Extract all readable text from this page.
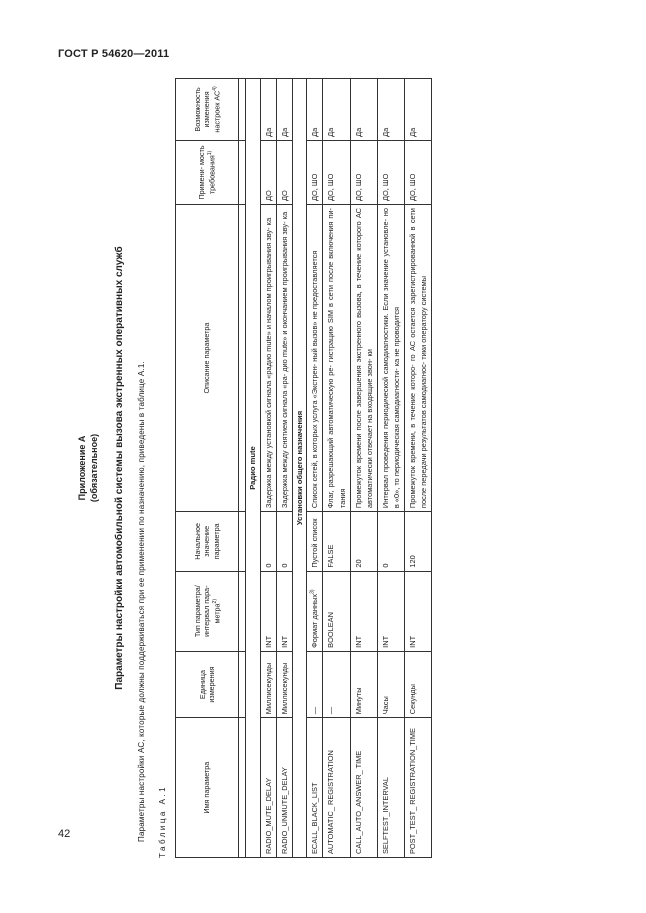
ГОСТ Р 54620—2011
42
Приложение А (обязательное) Параметры настройки автомобильной системы вызова экстренных оперативных служб Параметры настройки АС, которые должны поддерживаться при ее применении по назначению, приведены в таблице А.1. Таблица А.1	Имя параметра	Единица измерения	Тип параметра/ интервал пара- метра$^{2)}$	Начальное значение параметра	Описание параметра	Примени- мость требования$^{1)}$	Возможность изменения настроек АС$^{4)}$

Радио mute						
RADIO_MUTE_DELAY	Миллисекунды	INT	0	Задержка между установкой сигнала «радио mute» и началом проигрывания зву- ка	ДО	Да
RADIO_UNMUTE_DELAY	Миллисекунды	INT	0	Задержка между снятием сигнала «ра- дио mute» и окончанием проигрывания зву- ка	ДО	Да
Установки общего назначения						
ECALL_BLACK_LIST	—	Формат данных$^{3)}$	Пустой список	Список сетей, в которых услуга «Экстрен- ный вызов» не предоставляется	ДО, ШО	Да
AUTOMATIC_ REGISTRATION	—	BOOLEAN	FALSE	Флаг, разрешающий автоматическую ре- гистрацию SIM в сети после включения пи- тания	ДО, ШО	Да
CALL_AUTO_ANSWER_ TIME	Минуты	INT	20	Промежуток времени после завершения экстренного вызова, в течение которого АС автоматически отвечает на входящие звон- ки	ДО, ШО	Да
SELFTEST_INTERVAL	Часы	INT	0	Интервал проведения периодической самодиагностики. Если значение установле- но в «0», то периодическая самодиагности- ка не проводится	ДО, ШО	Да
POST_TEST_ REGISTRATION_TIME	Секунды	INT	120	Промежуток времени, в течение которо- го АС остается зарегистрированной в сети после передачи результатов самодиагнос- тики оператору системы	ДО, ШО	Да
